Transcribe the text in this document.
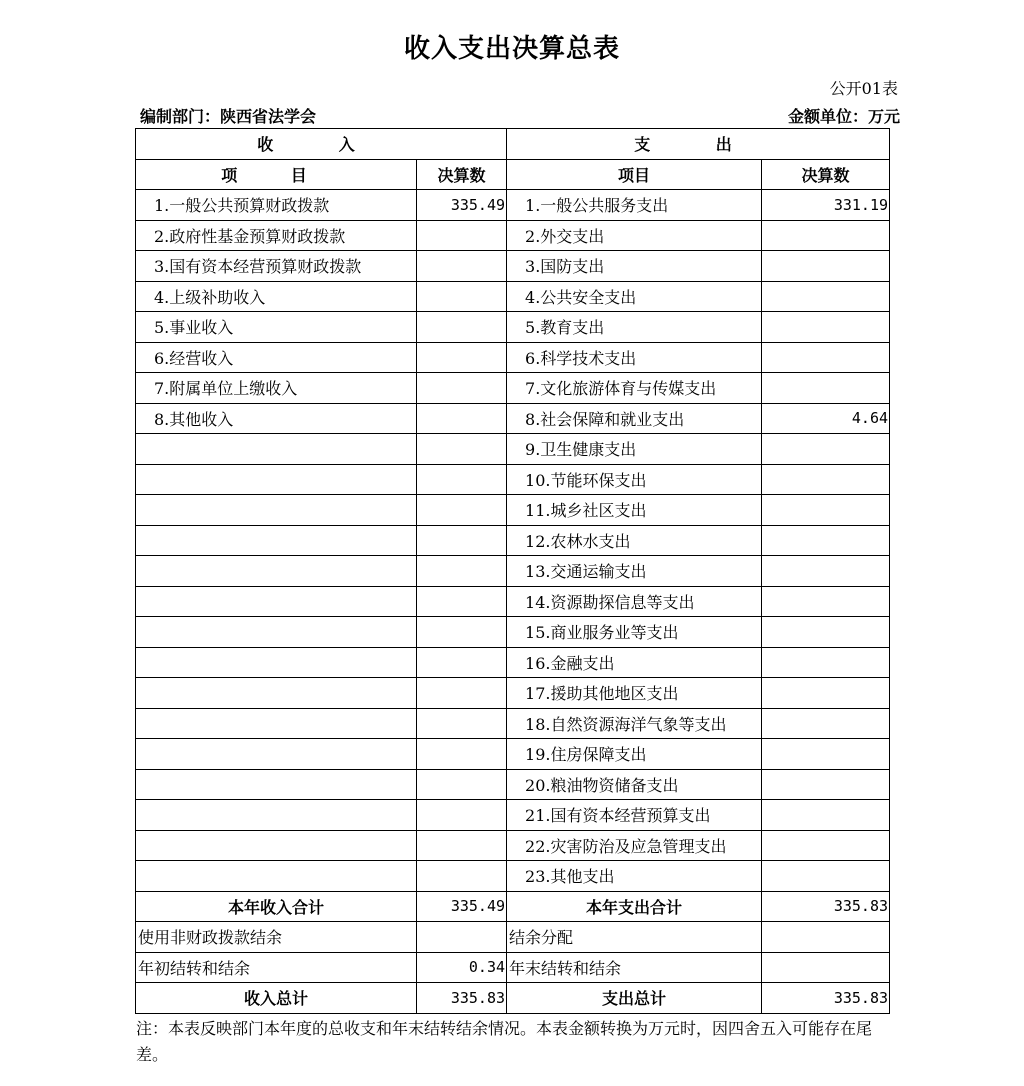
收入支出决算总表
公开01表
编制部门：陕西省法学会	金额单位：万元
收 入		支 出	
项 目	决算数	项目	决算数
1.一般公共预算财政拨款	335.49	1.一般公共服务支出	331.19
2.政府性基金预算财政拨款		2.外交支出	
3.国有资本经营预算财政拨款		3.国防支出	
4.上级补助收入		4.公共安全支出	
5.事业收入		5.教育支出	
6.经营收入		6.科学技术支出	
7.附属单位上缴收入		7.文化旅游体育与传媒支出	
8.其他收入		8.社会保障和就业支出	4.64
		9.卫生健康支出	
		10.节能环保支出	
		11.城乡社区支出	
		12.农林水支出	
		13.交通运输支出	
		14.资源勘探信息等支出	
		15.商业服务业等支出	
		16.金融支出	
		17.援助其他地区支出	
		18.自然资源海洋气象等支出	
		19.住房保障支出	
		20.粮油物资储备支出	
		21.国有资本经营预算支出	
		22.灾害防治及应急管理支出	
		23.其他支出	
本年收入合计	335.49	本年支出合计	335.83
使用非财政拨款结余		结余分配	
年初结转和结余	0.34	年末结转和结余	
收入总计	335.83	支出总计	335.83
注：本表反映部门本年度的总收支和年末结转结余情况。本表金额转换为万元时，因四舍五入可能存在尾差。
